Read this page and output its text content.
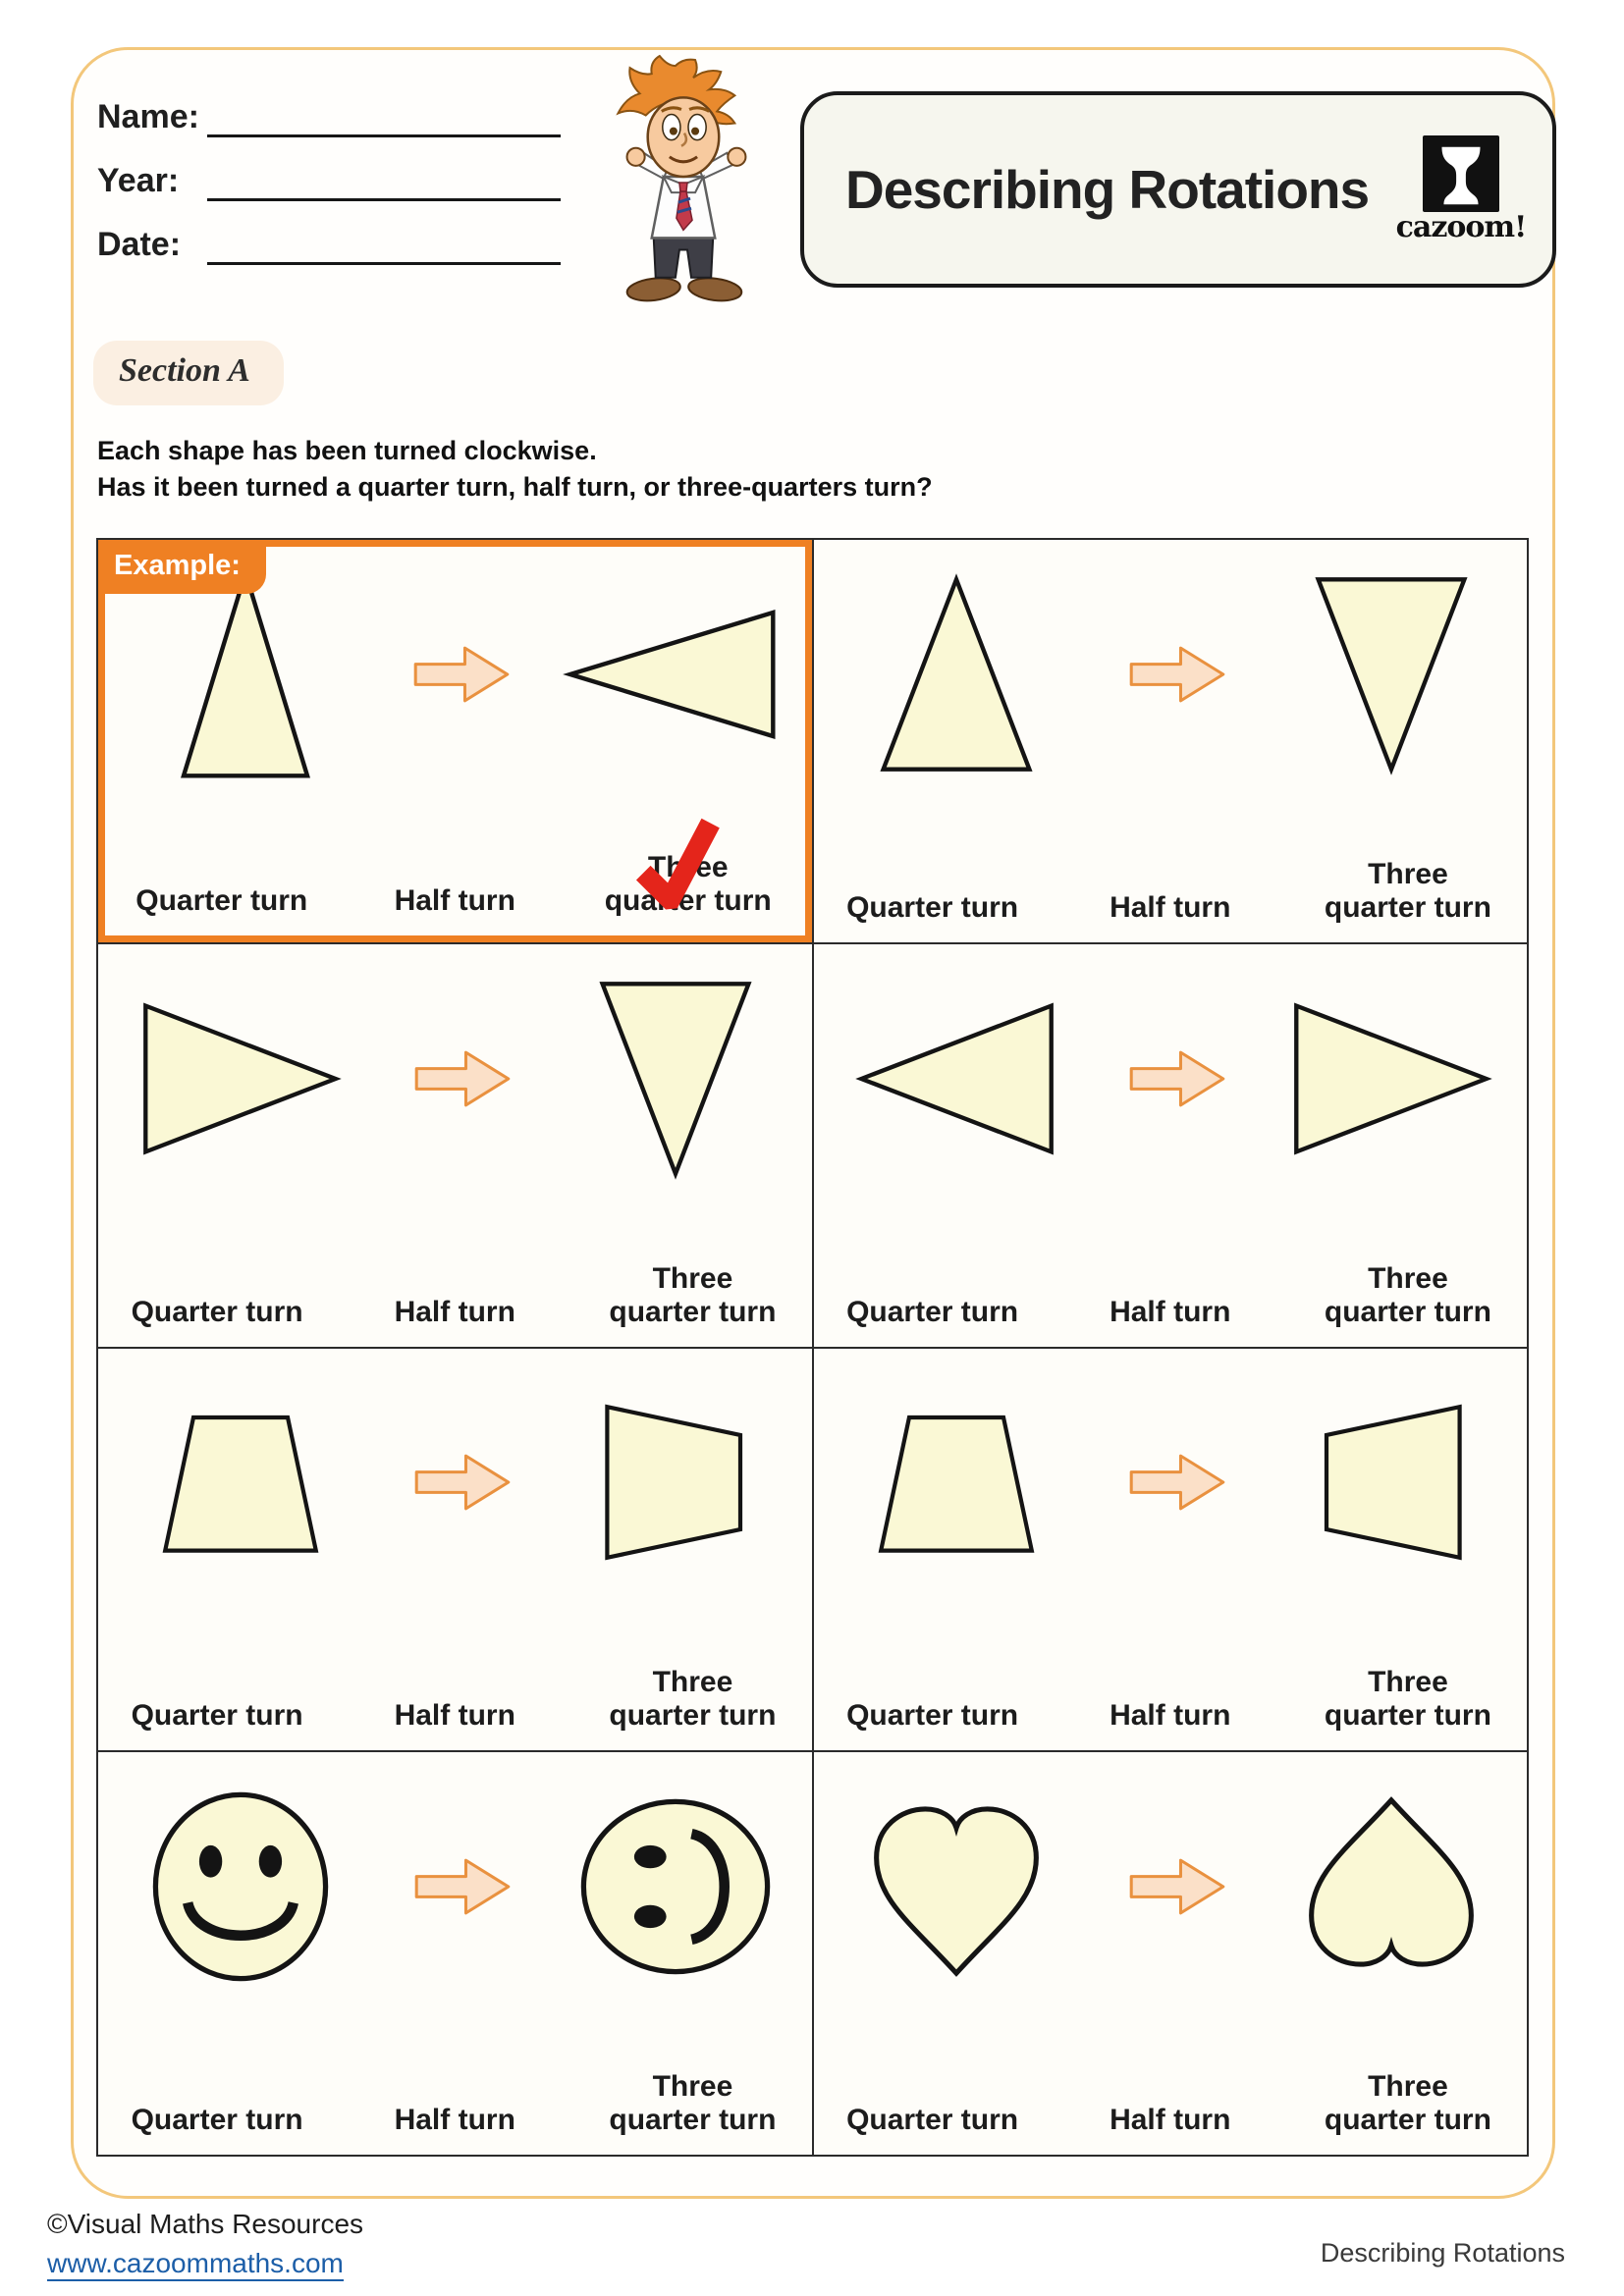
Name:
Year:
Date:
Describing Rotations
cazoom!
Section A
Each shape has been turned clockwise.
Has it been turned a quarter turn, half turn, or three-quarters turn?
Example:
Quarter turn	Half turn
Three
quarter turn	Quarter turn	Half turn
Three
quarter turn
Quarter turn	Half turn
Three
quarter turn Quarter turn	Half turn
Three
quarter turn
Quarter turn	Half turn
Three
quarter turn Quarter turn	Half turn
Three
quarter turn
Quarter turn	Half turn
Three
quarter turn Quarter turn	Half turn
Three
quarter turn
©Visual Maths Resources
www.cazoommaths.com	Describing Rotations
